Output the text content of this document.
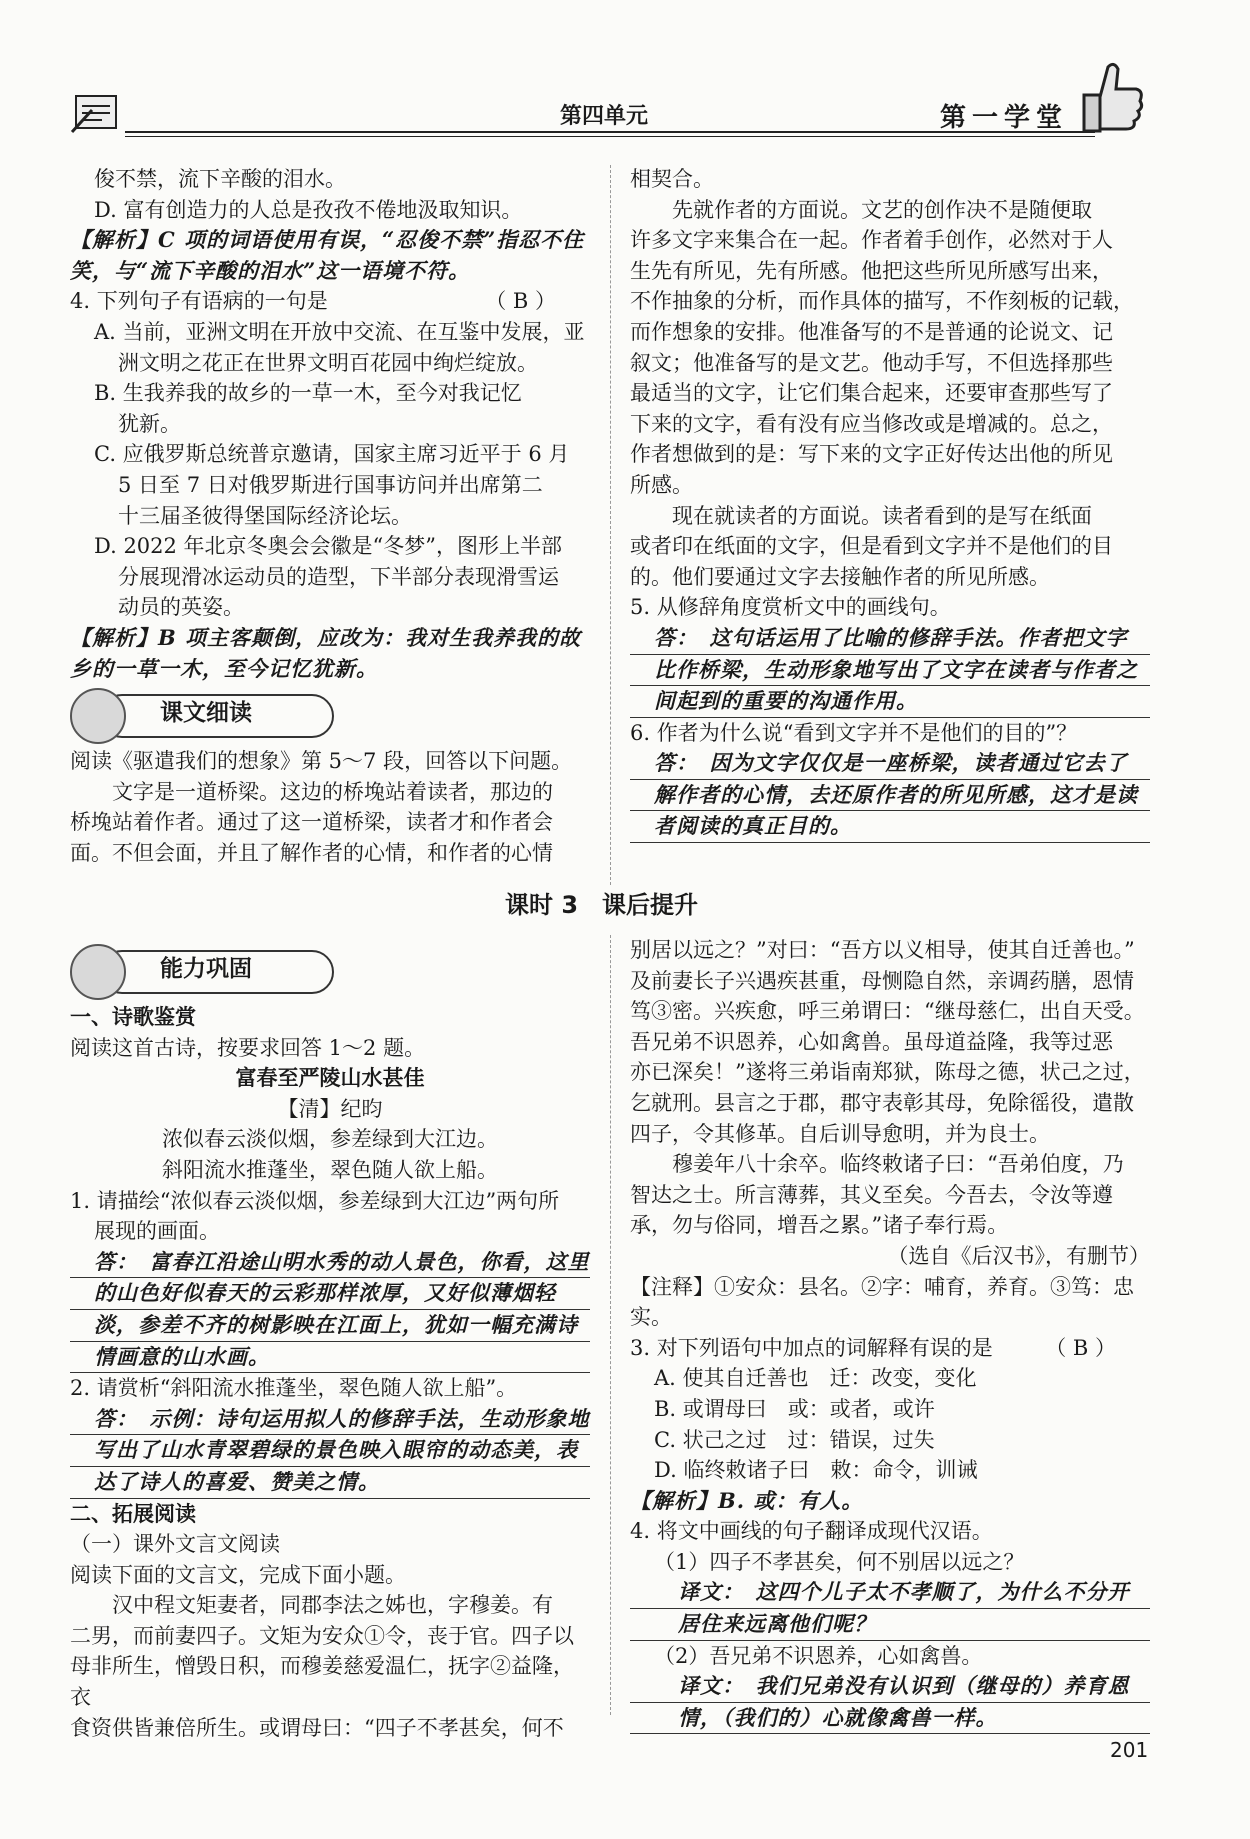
第四单元	第一学堂

俊不禁，流下辛酸的泪水。

D. 富有创造力的人总是孜孜不倦地汲取知识。

【解析】C 项的词语使用有误，“忍俊不禁”指忍不住

笑，与“流下辛酸的泪水”这一语境不符。

4. 下列句子有语病的一句是　　　　　　　　（ B ）

A. 当前，亚洲文明在开放中交流、在互鉴中发展，亚

洲文明之花正在世界文明百花园中绚烂绽放。

B. 生我养我的故乡的一草一木，至今对我记忆

犹新。

C. 应俄罗斯总统普京邀请，国家主席习近平于 6 月

5 日至 7 日对俄罗斯进行国事访问并出席第二

十三届圣彼得堡国际经济论坛。

D. 2022 年北京冬奥会会徽是“冬梦”，图形上半部

分展现滑冰运动员的造型，下半部分表现滑雪运

动员的英姿。

【解析】B 项主客颠倒，应改为：我对生我养我的故

乡的一草一木，至今记忆犹新。

课文细读

阅读《驱遣我们的想象》第 5～7 段，回答以下问题。

　　文字是一道桥梁。这边的桥堍站着读者，那边的

桥堍站着作者。通过了这一道桥梁，读者才和作者会

面。不但会面，并且了解作者的心情，和作者的心情

相契合。

　　先就作者的方面说。文艺的创作决不是随便取

许多文字来集合在一起。作者着手创作，必然对于人

生先有所见，先有所感。他把这些所见所感写出来，

不作抽象的分析，而作具体的描写，不作刻板的记载，

而作想象的安排。他准备写的不是普通的论说文、记

叙文；他准备写的是文艺。他动手写，不但选择那些

最适当的文字，让它们集合起来，还要审查那些写了

下来的文字，看有没有应当修改或是增减的。总之，

作者想做到的是：写下来的文字正好传达出他的所见

所感。

　　现在就读者的方面说。读者看到的是写在纸面

或者印在纸面的文字，但是看到文字并不是他们的目

的。他们要通过文字去接触作者的所见所感。

5. 从修辞角度赏析文中的画线句。

答：　这句话运用了比喻的修辞手法。作者把文字

比作桥梁，生动形象地写出了文字在读者与作者之

间起到的重要的沟通作用。

6. 作者为什么说“看到文字并不是他们的目的”？

答：　因为文字仅仅是一座桥梁，读者通过它去了

解作者的心情，去还原作者的所见所感，这才是读

者阅读的真正目的。

课时 3　课后提升
能力巩固

一、诗歌鉴赏

阅读这首古诗，按要求回答 1～2 题。

富春至严陵山水甚佳

【清】纪昀

浓似春云淡似烟，参差绿到大江边。

斜阳流水推蓬坐，翠色随人欲上船。

1. 请描绘“浓似春云淡似烟，参差绿到大江边”两句所

展现的画面。

答：　富春江沿途山明水秀的动人景色，你看，这里

的山色好似春天的云彩那样浓厚，又好似薄烟轻

淡，参差不齐的树影映在江面上，犹如一幅充满诗

情画意的山水画。

2. 请赏析“斜阳流水推蓬坐，翠色随人欲上船”。

答：　示例：诗句运用拟人的修辞手法，生动形象地

写出了山水青翠碧绿的景色映入眼帘的动态美，表

达了诗人的喜爱、赞美之情。

二、拓展阅读

（一）课外文言文阅读

阅读下面的文言文，完成下面小题。

　　汉中程文矩妻者，同郡李法之姊也，字穆姜。有

二男，而前妻四子。文矩为安众①令，丧于官。四子以

母非所生，憎毁日积，而穆姜慈爱温仁，抚字②益隆，衣

食资供皆兼倍所生。或谓母曰：“四子不孝甚矣，何不

别居以远之？”对曰：“吾方以义相导，使其自迁善也。”

及前妻长子兴遇疾甚重，母恻隐自然，亲调药膳，恩情

笃③密。兴疾愈，呼三弟谓曰：“继母慈仁，出自天受。

吾兄弟不识恩养，心如禽兽。虽母道益隆，我等过恶

亦已深矣！”遂将三弟诣南郑狱，陈母之德，状己之过，

乞就刑。县言之于郡，郡守表彰其母，免除徭役，遣散

四子，令其修革。自后训导愈明，并为良士。

　　穆姜年八十余卒。临终敕诸子曰：“吾弟伯度，乃

智达之士。所言薄葬，其义至矣。今吾去，令汝等遵

承，勿与俗同，增吾之累。”诸子奉行焉。

（选自《后汉书》，有删节）

【注释】①安众：县名。②字：哺育，养育。③笃：忠实。

3. 对下列语句中加点的词解释有误的是　　　（ B ）

A. 使其自迁善也　迁：改变，变化

B. 或谓母曰　或：或者，或许

C. 状己之过　过：错误，过失

D. 临终敕诸子曰　敕：命令，训诫

【解析】B. 或：有人。

4. 将文中画线的句子翻译成现代汉语。

（1）四子不孝甚矣，何不别居以远之？

译文：　这四个儿子太不孝顺了，为什么不分开

居住来远离他们呢？

（2）吾兄弟不识恩养，心如禽兽。

译文：　我们兄弟没有认识到（继母的）养育恩

情，（我们的）心就像禽兽一样。

201
